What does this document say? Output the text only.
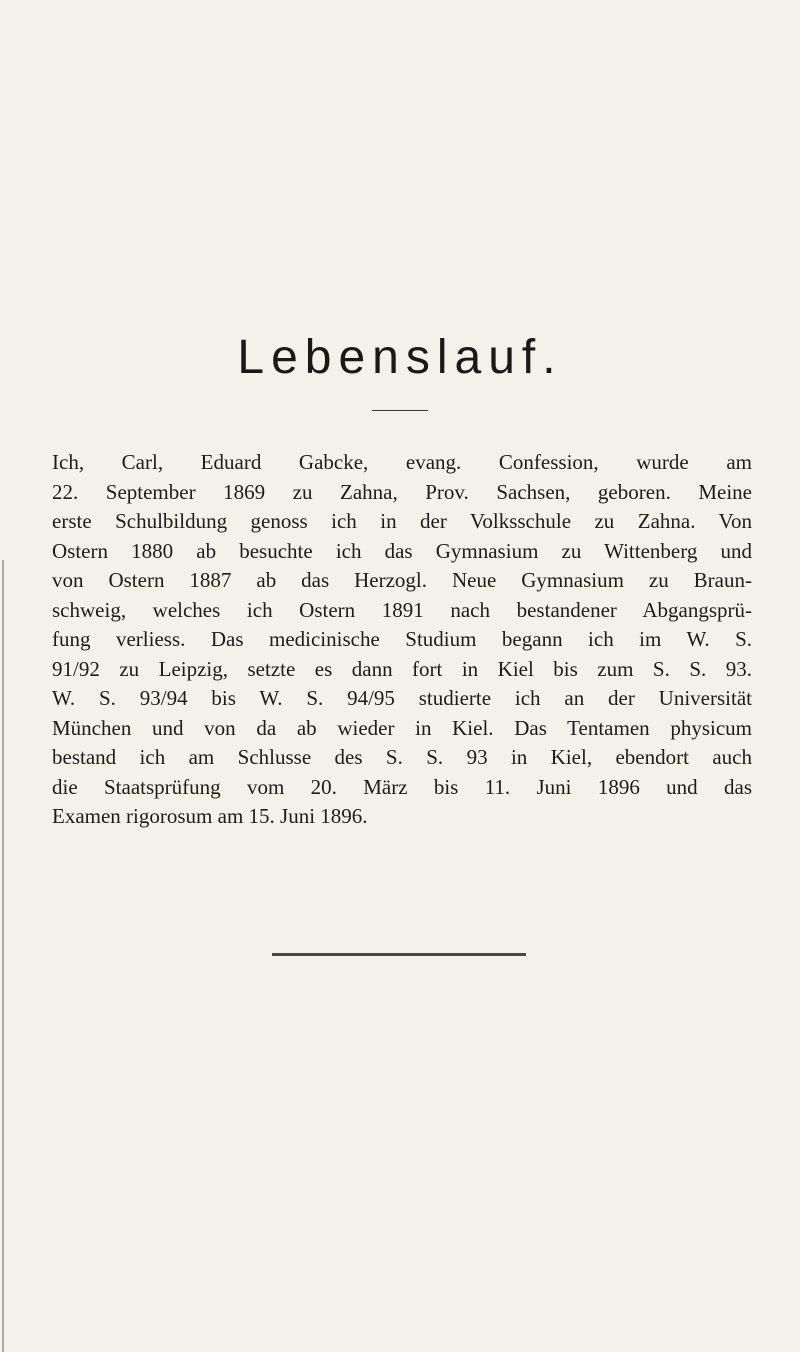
Lebenslauf.

Ich, Carl, Eduard Gabcke, evang. Confession, wurde am
22. September 1869 zu Zahna, Prov. Sachsen, geboren. Meine
erste Schulbildung genoss ich in der Volksschule zu Zahna. Von
Ostern 1880 ab besuchte ich das Gymnasium zu Wittenberg und
von Ostern 1887 ab das Herzogl. Neue Gymnasium zu Braun-
schweig, welches ich Ostern 1891 nach bestandener Abgangsprü-
fung verliess. Das medicinische Studium begann ich im W. S.
91/92 zu Leipzig, setzte es dann fort in Kiel bis zum S. S. 93.
W. S. 93/94 bis W. S. 94/95 studierte ich an der Universität
München und von da ab wieder in Kiel. Das Tentamen physicum
bestand ich am Schlusse des S. S. 93 in Kiel, ebendort auch
die Staatsprüfung vom 20. März bis 11. Juni 1896 und das
Examen rigorosum am 15. Juni 1896.
